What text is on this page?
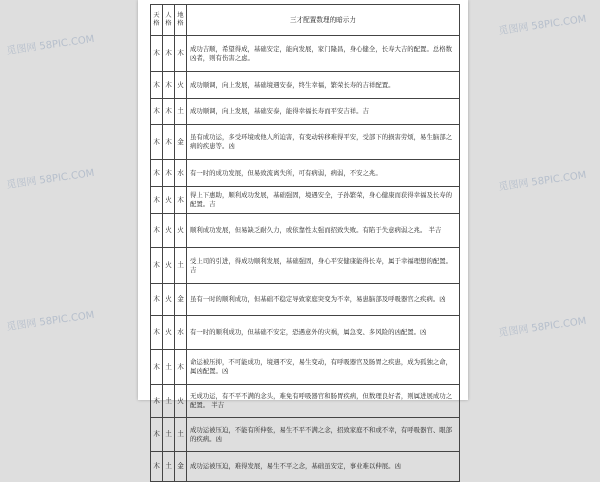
觅图网 58PIC.COM
觅图网 58PIC.COM
觅图网 58PIC.COM
觅图网 58PIC.COM
觅图网 58PIC.COM
觅图网 58PIC.COM
天格	人格	地格	三才配置数理的暗示力
木	木	木	成功吉顺，希望得成，基础安定，能向发展，家门隆昌，身心健全，长寿大吉的配置。总格数凶者，则有伤害之虑。
木	木	火	成功顺调，向上发展，基础境遇安泰，终生幸福，繁荣长寿的吉祥配置。
木	木	土	成功顺调，向上发展，基础安泰，能得幸福长寿而平安吉祥。吉
木	木	金	虽有成功运，多受环境或他人所迫害，有变动转移难得平安，受部下的损害劳烦，易生脑部之病的疾患等。凶
木	木	水	有一时的成功发展，但易致流离失所，可有病弱，病弱，不安之兆。
木	火	木	得上下惠助，顺利成功发展，基础强固，境遇安全，子孙繁荣，身心健康而获得幸福及长寿的配置。吉
木	火	火	顺利成功发展，但易缺乏耐久力，或依靠性太强而招致失败。有陷于失意病弱之兆。 半吉
木	火	土	受上司的引进，得成功顺利发展，基础强固，身心平安健康能得长寿，属于幸福理想的配置。吉
木	火	金	虽有一时的顺利成功，但基础不稳定导致家庭突变为不幸，易患脑部及呼吸器官之疾病。凶
木	火	水	有一时的顺利成功，但基础不安定，恐遇意外的灾祸，属急变、多风险的凶配置。凶
木	土	木	命运被压抑，不可能成功，境遇不安，易生变动，有呼吸器官及肠胃之疾患，成为孤独之命，属凶配置。凶
木	土	火	无成功运，有不平不满的念头，难免有呼吸器官和肠胃疾病，但数理良好者，则属进展成功之配置。 半吉
木	土	土	成功运被压迫，不能有所伸张，易生不平不满之念，招致家庭不和或不幸，有呼吸器官、眼部的疾病。凶
木	土	金	成功运被压迫，难得发展，易生不平之念，基础虽安定，事业难以伸展。凶
